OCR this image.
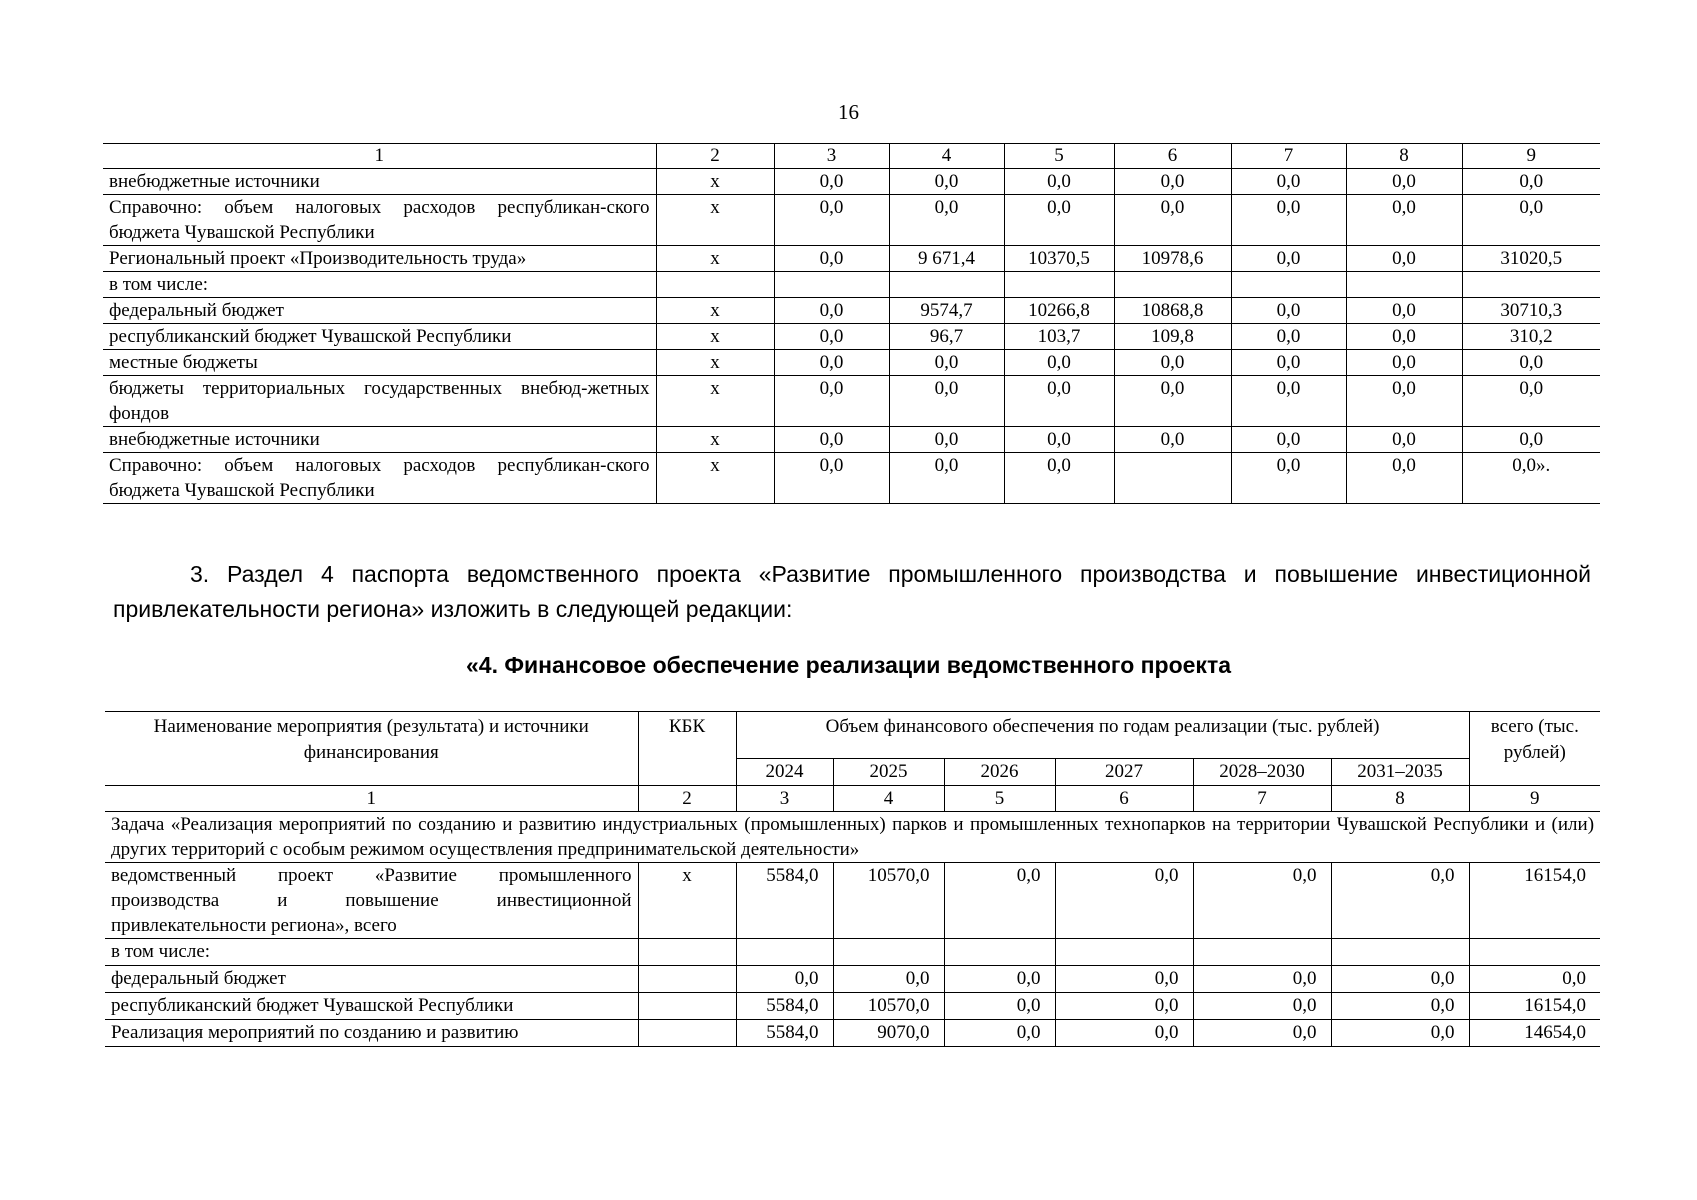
16
1	2	3	4	5	6	7	8	9
внебюджетные источники	х	0,0	0,0	0,0	0,0	0,0	0,0	0,0
Справочно: объем налоговых расходов республикан-ского бюджета Чувашской Республики	х	0,0	0,0	0,0	0,0	0,0	0,0	0,0
Региональный проект «Производительность труда»	х	0,0	9 671,4	10370,5	10978,6	0,0	0,0	31020,5
в том числе:								
федеральный бюджет	х	0,0	9574,7	10266,8	10868,8	0,0	0,0	30710,3
республиканский бюджет Чувашской Республики	х	0,0	96,7	103,7	109,8	0,0	0,0	310,2
местные бюджеты	х	0,0	0,0	0,0	0,0	0,0	0,0	0,0
бюджеты территориальных государственных внебюд-жетных фондов	х	0,0	0,0	0,0	0,0	0,0	0,0	0,0
внебюджетные источники	х	0,0	0,0	0,0	0,0	0,0	0,0	0,0
Справочно: объем налоговых расходов республикан-ского бюджета Чувашской Республики	х	0,0	0,0	0,0		0,0	0,0	0,0».
3. Раздел 4 паспорта ведомственного проекта «Развитие промышленного производства и повышение инвестиционной привлекательности региона» изложить в следующей редакции:
«4. Финансовое обеспечение реализации ведомственного проекта
Наименование мероприятия (результата) и источники финансирования	КБК	Объем финансового обеспечения по годам реализации (тыс. рублей)						всего (тыс. рублей)
		2024	2025	2026	2027	2028–2030	2031–2035	
1	2	3	4	5	6	7	8	9
Задача «Реализация мероприятий по созданию и развитию индустриальных (промышленных) парков и промышленных технопарков на территории Чувашской Республики и (или) других территорий с особым режимом осуществления предпринимательской деятельности»								
ведомственный проект «Развитие промышленного производства и повышение инвестиционной привлекательности региона», всего	х	5584,0	10570,0	0,0	0,0	0,0	0,0	16154,0
в том числе:								
федеральный бюджет		0,0	0,0	0,0	0,0	0,0	0,0	0,0
республиканский бюджет Чувашской Республики		5584,0	10570,0	0,0	0,0	0,0	0,0	16154,0
Реализация мероприятий по созданию и развитию		5584,0	9070,0	0,0	0,0	0,0	0,0	14654,0
